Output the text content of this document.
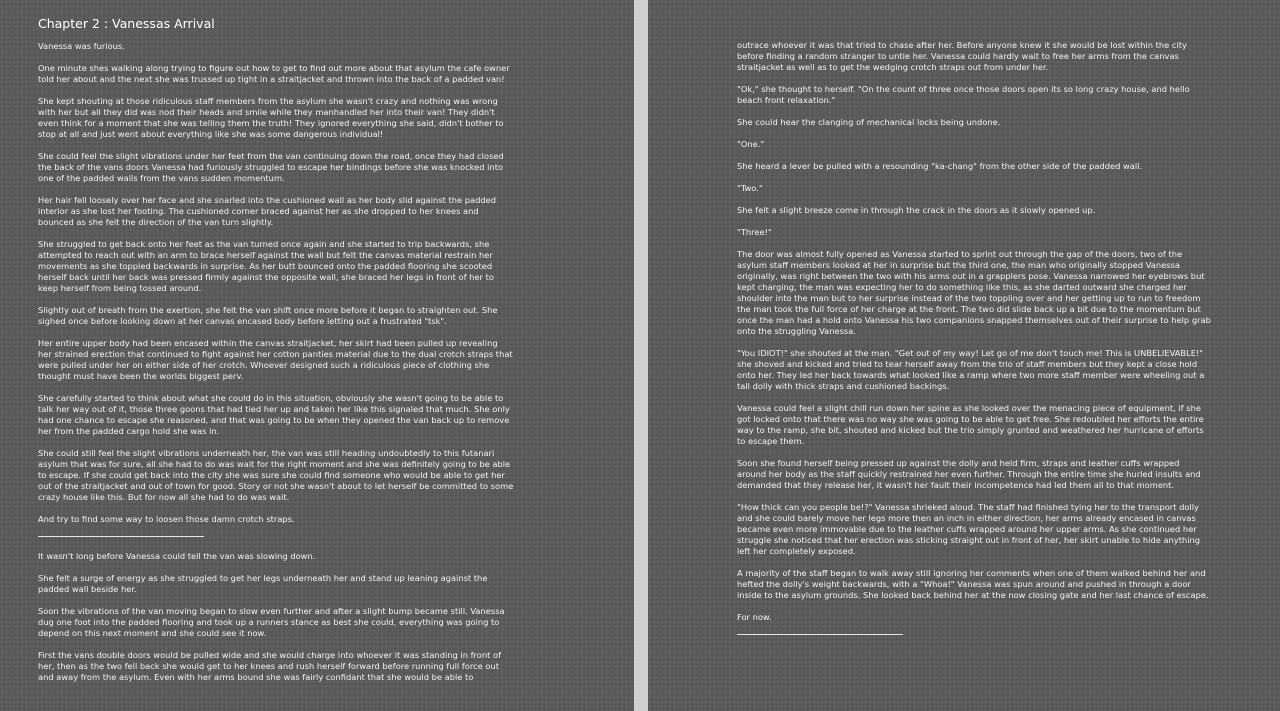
Chapter 2 : Vanessas Arrival

Vanessa was furious.

One minute shes walking along trying to figure out how to get to find out more about that asylum the cafe owner told her about and the next she was trussed up tight in a straitjacket and thrown into the back of a padded van!

She kept shouting at those ridiculous staff members from the asylum she wasn't crazy and nothing was wrong with her but all they did was nod their heads and smile while they manhandled her into their van! They didn't even think for a moment that she was telling them the truth! They ignored everything she said, didn't bother to stop at all and just went about everything like she was some dangerous individual!

She could feel the slight vibrations under her feet from the van continuing down the road, once they had closed the back of the vans doors Vanessa had furiously struggled to escape her bindings before she was knocked into one of the padded walls from the vans sudden momentum.

Her hair fell loosely over her face and she snarled into the cushioned wall as her body slid against the padded interior as she lost her footing. The cushioned corner braced against her as she dropped to her knees and bounced as she felt the direction of the van turn slightly.

She struggled to get back onto her feet as the van turned once again and she started to trip backwards, she attempted to reach out with an arm to brace herself against the wall but felt the canvas material restrain her movements as she toppled backwards in surprise. As her butt bounced onto the padded flooring she scooted herself back until her back was pressed firmly against the opposite wall, she braced her legs in front of her to keep herself from being tossed around.

Slightly out of breath from the exertion, she felt the van shift once more before it began to straighten out. She sighed once before looking down at her canvas encased body before letting out a frustrated "tsk".

Her entire upper body had been encased within the canvas straitjacket, her skirt had been pulled up revealing her strained erection that continued to fight against her cotton panties material due to the dual crotch straps that were pulled under her on either side of her crotch. Whoever designed such a ridiculous piece of clothing she thought must have been the worlds biggest perv.

She carefully started to think about what she could do in this situation, obviously she wasn't going to be able to talk her way out of it, those three goons that had tied her up and taken her like this signaled that much. She only had one chance to escape she reasoned, and that was going to be when they opened the van back up to remove her from the padded cargo hold she was in.

She could still feel the slight vibrations underneath her, the van was still heading undoubtedly to this futanari asylum that was for sure, all she had to do was wait for the right moment and she was definitely going to be able to escape. If she could get back into the city she was sure she could find someone who would be able to get her out of the straitjacket and out of town for good. Story or not she wasn't about to let herself be committed to some crazy house like this. But for now all she had to do was wait.

And try to find some way to loosen those damn crotch straps.

It wasn't long before Vanessa could tell the van was slowing down.

She felt a surge of energy as she struggled to get her legs underneath her and stand up leaning against the padded wall beside her.

Soon the vibrations of the van moving began to slow even further and after a slight bump became still. Vanessa dug one foot into the padded flooring and took up a runners stance as best she could, everything was going to depend on this next moment and she could see it now.

First the vans double doors would be pulled wide and she would charge into whoever it was standing in front of her, then as the two fell back she would get to her knees and rush herself forward before running full force out and away from the asylum. Even with her arms bound she was fairly confidant that she would be able to

outrace whoever it was that tried to chase after her. Before anyone knew it she would be lost within the city before finding a random stranger to untie her. Vanessa could hardly wait to free her arms from the canvas straitjacket as well as to get the wedging crotch straps out from under her.

"Ok," she thought to herself. "On the count of three once those doors open its so long crazy house, and hello beach front relaxation."

She could hear the clanging of mechanical locks being undone.

"One."

She heard a lever be pulled with a resounding "ka-chang" from the other side of the padded wall.

"Two."

She felt a slight breeze come in through the crack in the doors as it slowly opened up.

"Three!"

The door was almost fully opened as Vanessa started to sprint out through the gap of the doors, two of the asylum staff members looked at her in surprise but the third one, the man who originally stopped Vanessa originally, was right between the two with his arms out in a grapplers pose. Vanessa narrowed her eyebrows but kept charging, the man was expecting her to do something like this, as she darted outward she charged her shoulder into the man but to her surprise instead of the two toppling over and her getting up to run to freedom the man took the full force of her charge at the front. The two did slide back up a bit due to the momentum but once the man had a hold onto Vanessa his two companions snapped themselves out of their surprise to help grab onto the struggling Vanessa.

"You IDIOT!" she shouted at the man. "Get out of my way! Let go of me don't touch me! This is UNBELIEVABLE!" she shoved and kicked and tried to tear herself away from the trio of staff members but they kept a close hold onto her. They led her back towards what looked like a ramp where two more staff member were wheeling out a tall dolly with thick straps and cushioned backings.

Vanessa could feel a slight chill run down her spine as she looked over the menacing piece of equipment, if she got locked onto that there was no way she was going to be able to get free. She redoubled her efforts the entire way to the ramp, she bit, shouted and kicked but the trio simply grunted and weathered her hurricane of efforts to escape them.

Soon she found herself being pressed up against the dolly and held firm, straps and leather cuffs wrapped around her body as the staff quickly restrained her even further. Through the entire time she hurled insults and demanded that they release her, it wasn't her fault their incompetence had led them all to that moment.

"How thick can you people be!?" Vanessa shrieked aloud. The staff had finished tying her to the transport dolly and she could barely move her legs more then an inch in either direction, her arms already encased in canvas became even more immovable due to the leather cuffs wrapped around her upper arms. As she continued her struggle she noticed that her erection was sticking straight out in front of her, her skirt unable to hide anything left her completely exposed.

A majority of the staff began to walk away still ignoring her comments when one of them walked behind her and hefted the dolly's weight backwards, with a "Whoa!" Vanessa was spun around and pushed in through a door inside to the asylum grounds. She looked back behind her at the now closing gate and her last chance of escape.

For now.
